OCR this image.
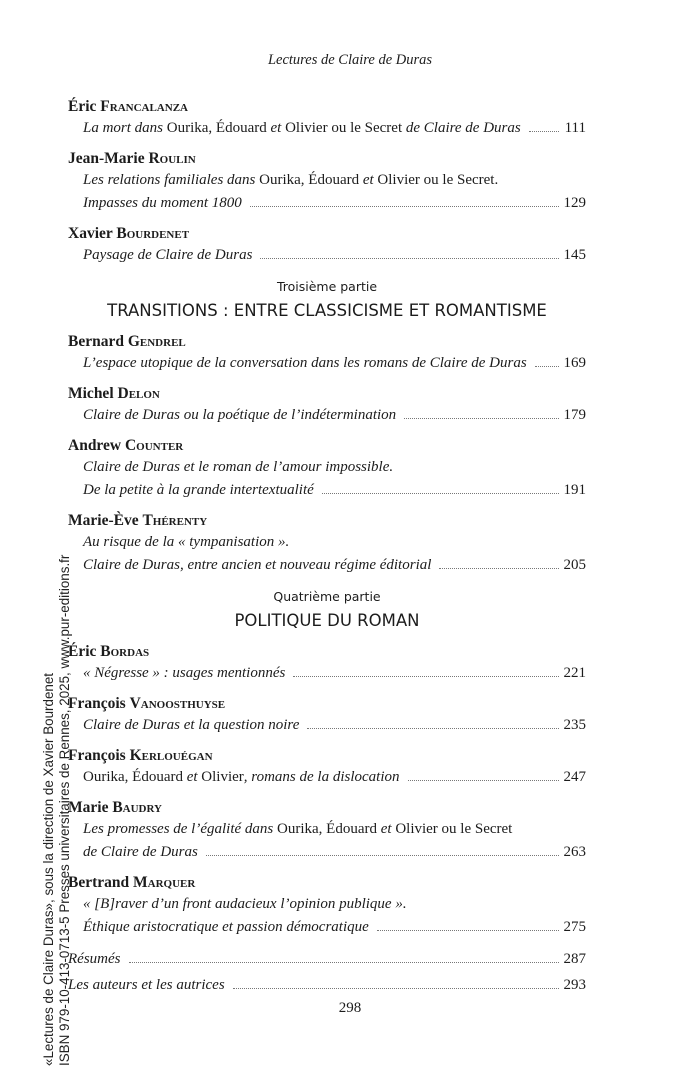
Lectures de Claire de Duras
Éric Francalanza
La mort dans Ourika, Édouard et Olivier ou le Secret de Claire de Duras	111
Jean-Marie Roulin
Les relations familiales dans Ourika, Édouard et Olivier ou le Secret.
Impasses du moment 1800	129
Xavier Bourdenet
Paysage de Claire de Duras	145
Troisième partie
TRANSITIONS : ENTRE CLASSICISME ET ROMANTISME
Bernard Gendrel
L’espace utopique de la conversation dans les romans de Claire de Duras 169
Michel Delon
Claire de Duras ou la poétique de l’indétermination	179
Andrew Counter
Claire de Duras et le roman de l’amour impossible.
De la petite à la grande intertextualité	191
Marie-Ève Thérenty
Au risque de la « tympanisation ».
Claire de Duras, entre ancien et nouveau régime éditorial	205
Quatrième partie
POLITIQUE DU ROMAN
Éric Bordas
« Négresse » : usages mentionnés	221
François Vanoosthuyse
Claire de Duras et la question noire	235
François Kerlouégan
Ourika, Édouard et Olivier, romans de la dislocation	247
Marie Baudry
Les promesses de l’égalité dans Ourika, Édouard et Olivier ou le Secret
de Claire de Duras	263
Bertrand Marquer
« [B]raver d’un front audacieux l’opinion publique ».
Éthique aristocratique et passion démocratique	275
Résumés	287
Les auteurs et les autrices	293
298
«Lectures de Claire Duras», sous la direction de Xavier Bourdenet ISBN 979-10-413-0713-5 Presses universitaires de Rennes, 2025, www.pur-editions.fr
